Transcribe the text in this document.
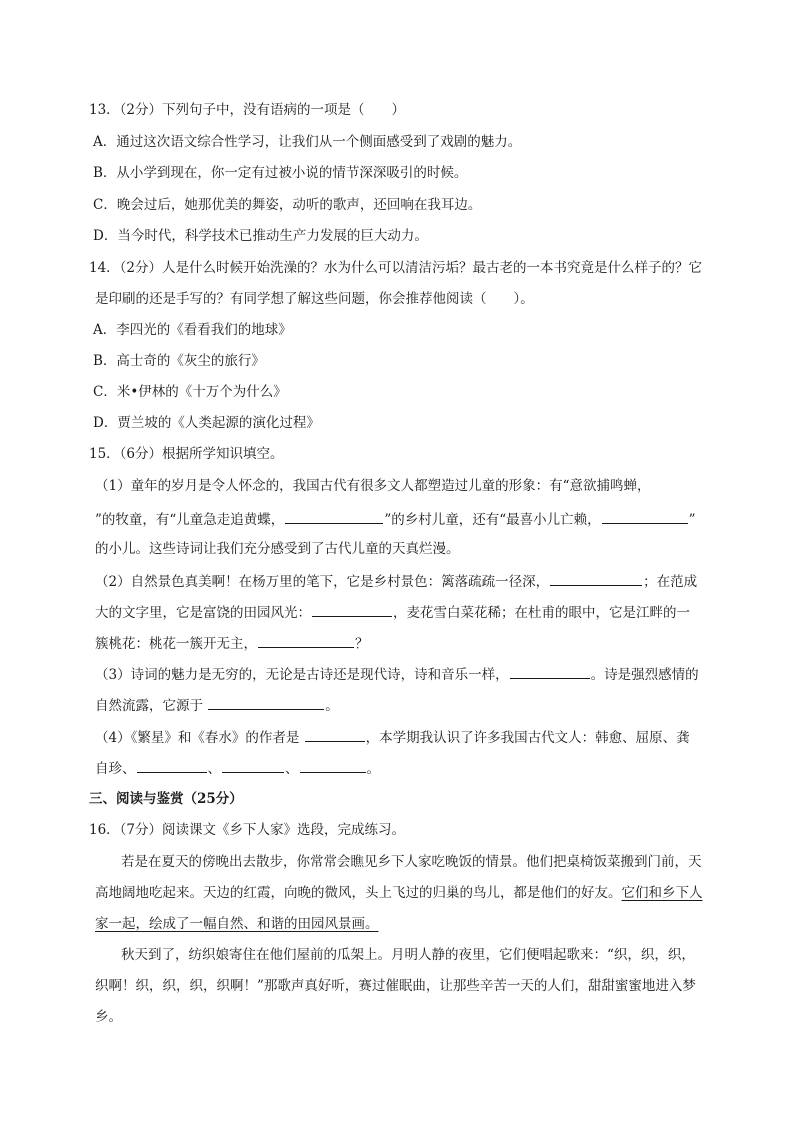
13．（2分）下列句子中，没有语病的一项是（　　）
A．通过这次语文综合性学习，让我们从一个侧面感受到了戏剧的魅力。
B．从小学到现在，你一定有过被小说的情节深深吸引的时候。
C．晚会过后，她那优美的舞姿，动听的歌声，还回响在我耳边。
D．当今时代，科学技术已推动生产力发展的巨大动力。
14．（2分）人是什么时候开始洗澡的？水为什么可以清洁污垢？最古老的一本书究竟是什么样子的？它
是印刷的还是手写的？有同学想了解这些问题，你会推荐他阅读（　　）。
A．李四光的《看看我们的地球》
B．高士奇的《灰尘的旅行》
C．米•伊林的《十万个为什么》
D．贾兰坡的《人类起源的演化过程》
15．（6分）根据所学知识填空。
（1）童年的岁月是令人怀念的，我国古代有很多文人都塑造过儿童的形象：有“意欲捕鸣蝉，
”的牧童，有“儿童急走追黄蝶，	”的乡村儿童，还有“最喜小儿亡赖，	”
的小儿。这些诗词让我们充分感受到了古代儿童的天真烂漫。
（2）自然景色真美啊！在杨万里的笔下，它是乡村景色：篱落疏疏一径深，	；在范成
大的文字里，它是富饶的田园风光：	，麦花雪白菜花稀；在杜甫的眼中，它是江畔的一
簇桃花：桃花一簇开无主，	？
（3）诗词的魅力是无穷的，无论是古诗还是现代诗，诗和音乐一样，	。诗是强烈感情的
自然流露，它源于	。
（4）《繁星》和《春水》的作者是	，本学期我认识了许多我国古代文人：韩愈、屈原、龚
自珍、	、	、	。
三、阅读与鉴赏（25分）
16．（7分）阅读课文《乡下人家》选段，完成练习。
若是在夏天的傍晚出去散步，你常常会瞧见乡下人家吃晚饭的情景。他们把桌椅饭菜搬到门前，天
高地阔地吃起来。天边的红霞，向晚的微风，头上飞过的归巢的鸟儿，都是他们的好友。它们和乡下人
家一起，绘成了一幅自然、和谐的田园风景画。
秋天到了，纺织娘寄住在他们屋前的瓜架上。月明人静的夜里，它们便唱起歌来：“织，织，织，
织啊！织，织，织，织啊！”那歌声真好听，赛过催眠曲，让那些辛苦一天的人们，甜甜蜜蜜地进入梦
乡。
